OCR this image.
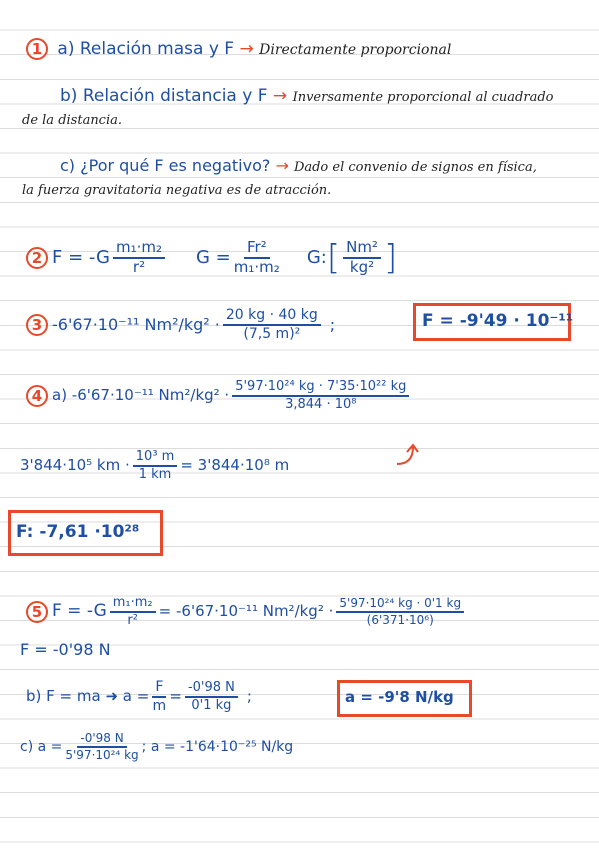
1 a) Relación masa y F → Directamente proporcional
b) Relación distancia y F → Inversamente proporcional al cuadrado
de la distancia.
c) ¿Por qué F es negativo? → Dado el convenio de signos en física,
la fuerza gravitatoria negativa es de atracción.
2 $F = -G \frac{\text{m₁·m₂}}{\text{r²}}$ $G = \frac{\text{Fr²}}{\text{m₁·m₂}} G$: [ $\frac{\text{Nm²}}{\text{kg²}}$ ]
3 -6'67·10⁻¹¹ $Nm^2/kg^2 \cdot \frac{20 kg \cdot 40 kg}{\text{(7,5 m)²}}$ ;	F = -9'49 · 10⁻¹¹
4 a) -6'67·10⁻¹¹ $Nm^2/kg^2 \cdot \frac{\text{5'97·10²⁴ kg · 7'35·10²² kg}}{\text{3,844 · 10⁸}}$
3'844·10⁵ km · $\frac{\text{10³ m}}{1 km} = 3'844\cdot 10^8$ m
F: -7,61 ·10²⁸
5 $F = -G \frac{\text{m₁·m₂}}{\text{r²}} = -6'67\cdot 10^{-11}$ $Nm^2/kg^2 \cdot \frac{\text{5'97·10²⁴ kg · 0'1 kg}}{\text{(6'371·10⁶)}}$
F = -0'98 N
b) F = ma ➜ $a = \frac{F}{m} = \frac{-0'98 N}{0'1 kg}$ ;	a = -9'8 N/kg
c) $a = \frac{-0'98 N}{\text{5'97·10²⁴ kg}}$ ; a = -1'64·10⁻²⁵ N/kg
